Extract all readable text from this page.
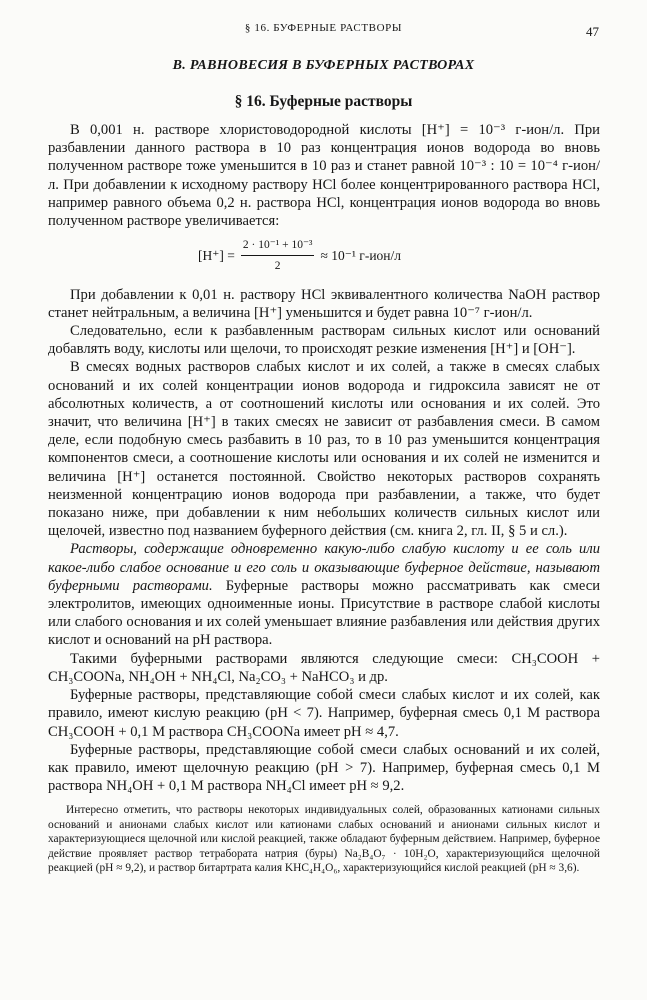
§ 16. БУФЕРНЫЕ РАСТВОРЫ	47
В. РАВНОВЕСИЯ В БУФЕРНЫХ РАСТВОРАХ
§ 16. Буферные растворы

В 0,001 н. растворе хлористоводородной кислоты [H⁺] = 10⁻³ г-ион/л. При разбавлении данного раствора в 10 раз концентрация ионов водорода во вновь полученном растворе тоже уменьшится в 10 раз и станет равной 10⁻³ : 10 = 10⁻⁴ г-ион/л. При добавлении к исходному раствору HCl более концентрированного раствора HCl, например равного объема 0,2 н. раствора HCl, концентрация ионов водорода во вновь полученном растворе увеличивается:

$[H^+] = \frac{\text{2 · 10⁻¹ + 10⁻³}}{2} \approx 10^{-1}$ г-ион/л

При добавлении к 0,01 н. раствору HCl эквивалентного количества NaOH раствор станет нейтральным, а величина [H⁺] уменьшится и будет равна 10⁻⁷ г-ион/л.

Следовательно, если к разбавленным растворам сильных кислот или оснований добавлять воду, кислоты или щелочи, то происходят резкие изменения [H⁺] и [OH⁻].

В смесях водных растворов слабых кислот и их солей, а также в смесях слабых оснований и их солей концентрации ионов водорода и гидроксила зависят не от абсолютных количеств, а от соотношений кислоты или основания и их солей. Это значит, что величина [H⁺] в таких смесях не зависит от разбавления смеси. В самом деле, если подобную смесь разбавить в 10 раз, то в 10 раз уменьшится концентрация компонентов смеси, а соотношение кислоты или основания и их солей не изменится и величина [H⁺] останется постоянной. Свойство некоторых растворов сохранять неизменной концентрацию ионов водорода при разбавлении, а также, что будет показано ниже, при добавлении к ним небольших количеств сильных кислот или щелочей, известно под названием буферного действия (см. книга 2, гл. II, § 5 и сл.).

Растворы, содержащие одновременно какую-либо слабую кислоту и ее соль или какое-либо слабое основание и его соль и оказывающие буферное действие, называют буферными растворами. Буферные растворы можно рассматривать как смеси электролитов, имеющих одноименные ионы. Присутствие в растворе слабой кислоты или слабого основания и их солей уменьшает влияние разбавления или действия других кислот и оснований на pH раствора.

Такими буферными растворами являются следующие смеси: CH₃COOH + CH₃COONa, NH₄OH + NH₄Cl, Na₂CO₃ + NaHCO₃ и др.

Буферные растворы, представляющие собой смеси слабых кислот и их солей, как правило, имеют кислую реакцию (pH < 7). Например, буферная смесь 0,1 M раствора CH₃COOH + 0,1 M раствора CH₃COONa имеет pH ≈ 4,7.

Буферные растворы, представляющие собой смеси слабых оснований и их солей, как правило, имеют щелочную реакцию (pH > 7). Например, буферная смесь 0,1 M раствора NH₄OH + 0,1 M раствора NH₄Cl имеет pH ≈ 9,2.

Интересно отметить, что растворы некоторых индивидуальных солей, образованных катионами сильных оснований и анионами слабых кислот или катионами слабых оснований и анионами сильных кислот и характеризующиеся щелочной или кислой реакцией, также обладают буферным действием. Например, буферное действие проявляет раствор тетрабората натрия (буры) Na₂B₄O₇ · 10H₂O, характеризующийся щелочной реакцией (pH ≈ 9,2), и раствор битартрата калия KHC₄H₄O₆, характеризующийся кислой реакцией (pH ≈ 3,6).
